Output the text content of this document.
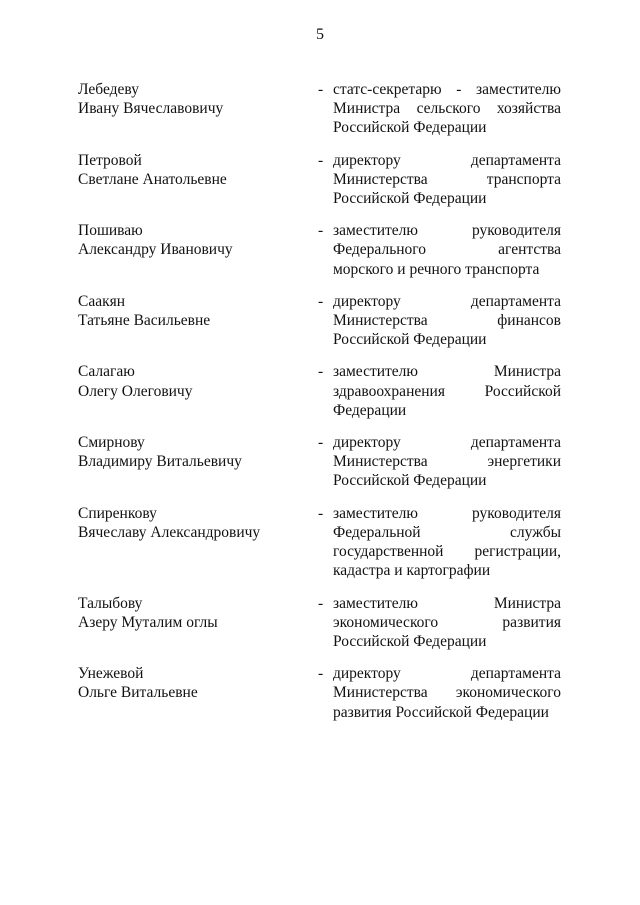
5
Лебедеву
Ивану Вячеславовичу
- статс-секретарю - заместителю
Министра сельского хозяйства
Российской Федерации
Петровой
Светлане Анатольевне
- директору департамента
Министерства транспорта
Российской Федерации
Пошиваю
Александру Ивановичу
- заместителю руководителя
Федерального агентства
морского и речного транспорта
Саакян
Татьяне Васильевне
- директору департамента
Министерства финансов
Российской Федерации
Салагаю
Олегу Олеговичу
- заместителю Министра
здравоохранения Российской
Федерации
Смирнову
Владимиру Витальевичу
- директору департамента
Министерства энергетики
Российской Федерации
Спиренкову
Вячеславу Александровичу
- заместителю руководителя
Федеральной службы
государственной регистрации,
кадастра и картографии
Талыбову
Азеру Муталим оглы
- заместителю Министра
экономического развития
Российской Федерации
Унежевой
Ольге Витальевне
- директору департамента
Министерства экономического
развития Российской Федерации
